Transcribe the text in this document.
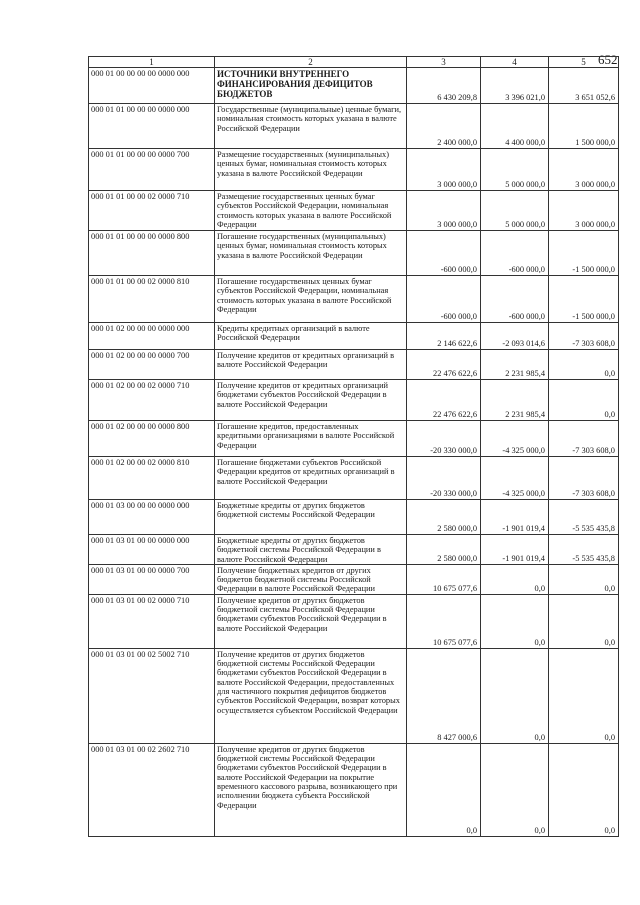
652
1	2	3	4	5
000 01 00 00 00 00 0000 000	ИСТОЧНИКИ ВНУТРЕННЕГО ФИНАНСИРОВАНИЯ ДЕФИЦИТОВ БЮДЖЕТОВ	6 430 209,8	3 396 021,0	3 651 052,6
000 01 01 00 00 00 0000 000	Государственные (муниципальные) ценные бумаги, номинальная стоимость которых указана в валюте Российской Федерации	2 400 000,0	4 400 000,0	1 500 000,0
000 01 01 00 00 00 0000 700	Размещение государственных (муниципальных) ценных бумаг, номинальная стоимость которых указана в валюте Российской Федерации	3 000 000,0	5 000 000,0	3 000 000,0
000 01 01 00 00 02 0000 710	Размещение государственных ценных бумаг субъектов Российской Федерации, номинальная стоимость которых указана в валюте Российской Федерации	3 000 000,0	5 000 000,0	3 000 000,0
000 01 01 00 00 00 0000 800	Погашение государственных (муниципальных) ценных бумаг, номинальная стоимость которых указана в валюте Российской Федерации	-600 000,0	-600 000,0	-1 500 000,0
000 01 01 00 00 02 0000 810	Погашение государственных ценных бумаг субъектов Российской Федерации, номинальная стоимость которых указана в валюте Российской Федерации	-600 000,0	-600 000,0	-1 500 000,0
000 01 02 00 00 00 0000 000	Кредиты кредитных организаций в валюте Российской Федерации	2 146 622,6	-2 093 014,6	-7 303 608,0
000 01 02 00 00 00 0000 700	Получение кредитов от кредитных организаций в валюте Российской Федерации	22 476 622,6	2 231 985,4	0,0
000 01 02 00 00 02 0000 710	Получение кредитов от кредитных организаций бюджетами субъектов Российской Федерации в валюте Российской Федерации	22 476 622,6	2 231 985,4	0,0
000 01 02 00 00 00 0000 800	Погашение кредитов, предоставленных кредитными организациями в валюте Российской Федерации	-20 330 000,0	-4 325 000,0	-7 303 608,0
000 01 02 00 00 02 0000 810	Погашение бюджетами субъектов Российской Федерации кредитов от кредитных организаций в валюте Российской Федерации	-20 330 000,0	-4 325 000,0	-7 303 608,0
000 01 03 00 00 00 0000 000	Бюджетные кредиты от других бюджетов бюджетной системы Российской Федерации	2 580 000,0	-1 901 019,4	-5 535 435,8
000 01 03 01 00 00 0000 000	Бюджетные кредиты от других бюджетов бюджетной системы Российской Федерации в валюте Российской Федерации	2 580 000,0	-1 901 019,4	-5 535 435,8
000 01 03 01 00 00 0000 700	Получение бюджетных кредитов от других бюджетов бюджетной системы Российской Федерации в валюте Российской Федерации	10 675 077,6	0,0	0,0
000 01 03 01 00 02 0000 710	Получение кредитов от других бюджетов бюджетной системы Российской Федерации бюджетами субъектов Российской Федерации в валюте Российской Федерации	10 675 077,6	0,0	0,0
000 01 03 01 00 02 5002 710	Получение кредитов от других бюджетов бюджетной системы Российской Федерации бюджетами субъектов Российской Федерации в валюте Российской Федерации, предоставленных для частичного покрытия дефицитов бюджетов субъектов Российской Федерации, возврат которых осуществляется субъектом Российской Федерации	8 427 000,6	0,0	0,0
000 01 03 01 00 02 2602 710	Получение кредитов от других бюджетов бюджетной системы Российской Федерации бюджетами субъектов Российской Федерации в валюте Российской Федерации на покрытие временного кассового разрыва, возникающего при исполнении бюджета субъекта Российской Федерации	0,0	0,0	0,0
